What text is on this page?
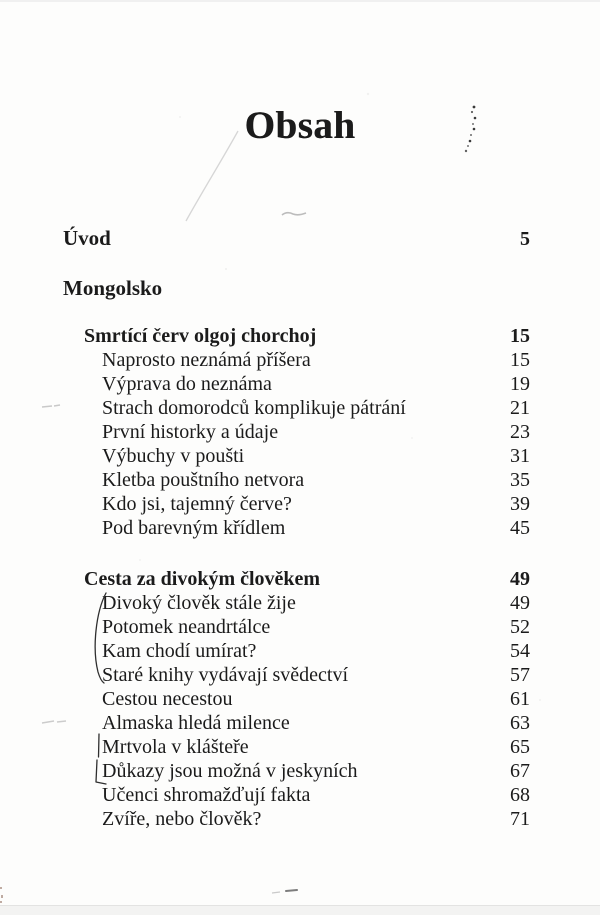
Obsah
Úvod	5
Mongolsko
Smrtící červ olgoj chorchoj	15
Naprosto neznámá příšera	15
Výprava do neznáma	19
Strach domorodců komplikuje pátrání	21
První historky a údaje	23
Výbuchy v poušti	31
Kletba pouštního netvora	35
Kdo jsi, tajemný červe?	39
Pod barevným křídlem	45
Cesta za divokým člověkem	49
Divoký člověk stále žije	49
Potomek neandrtálce	52
Kam chodí umírat?	54
Staré knihy vydávají svědectví	57
Cestou necestou	61
Almaska hledá milence	63
Mrtvola v klášteře	65
Důkazy jsou možná v jeskyních	67
Učenci shromažďují fakta	68
Zvíře, nebo člověk?	71
